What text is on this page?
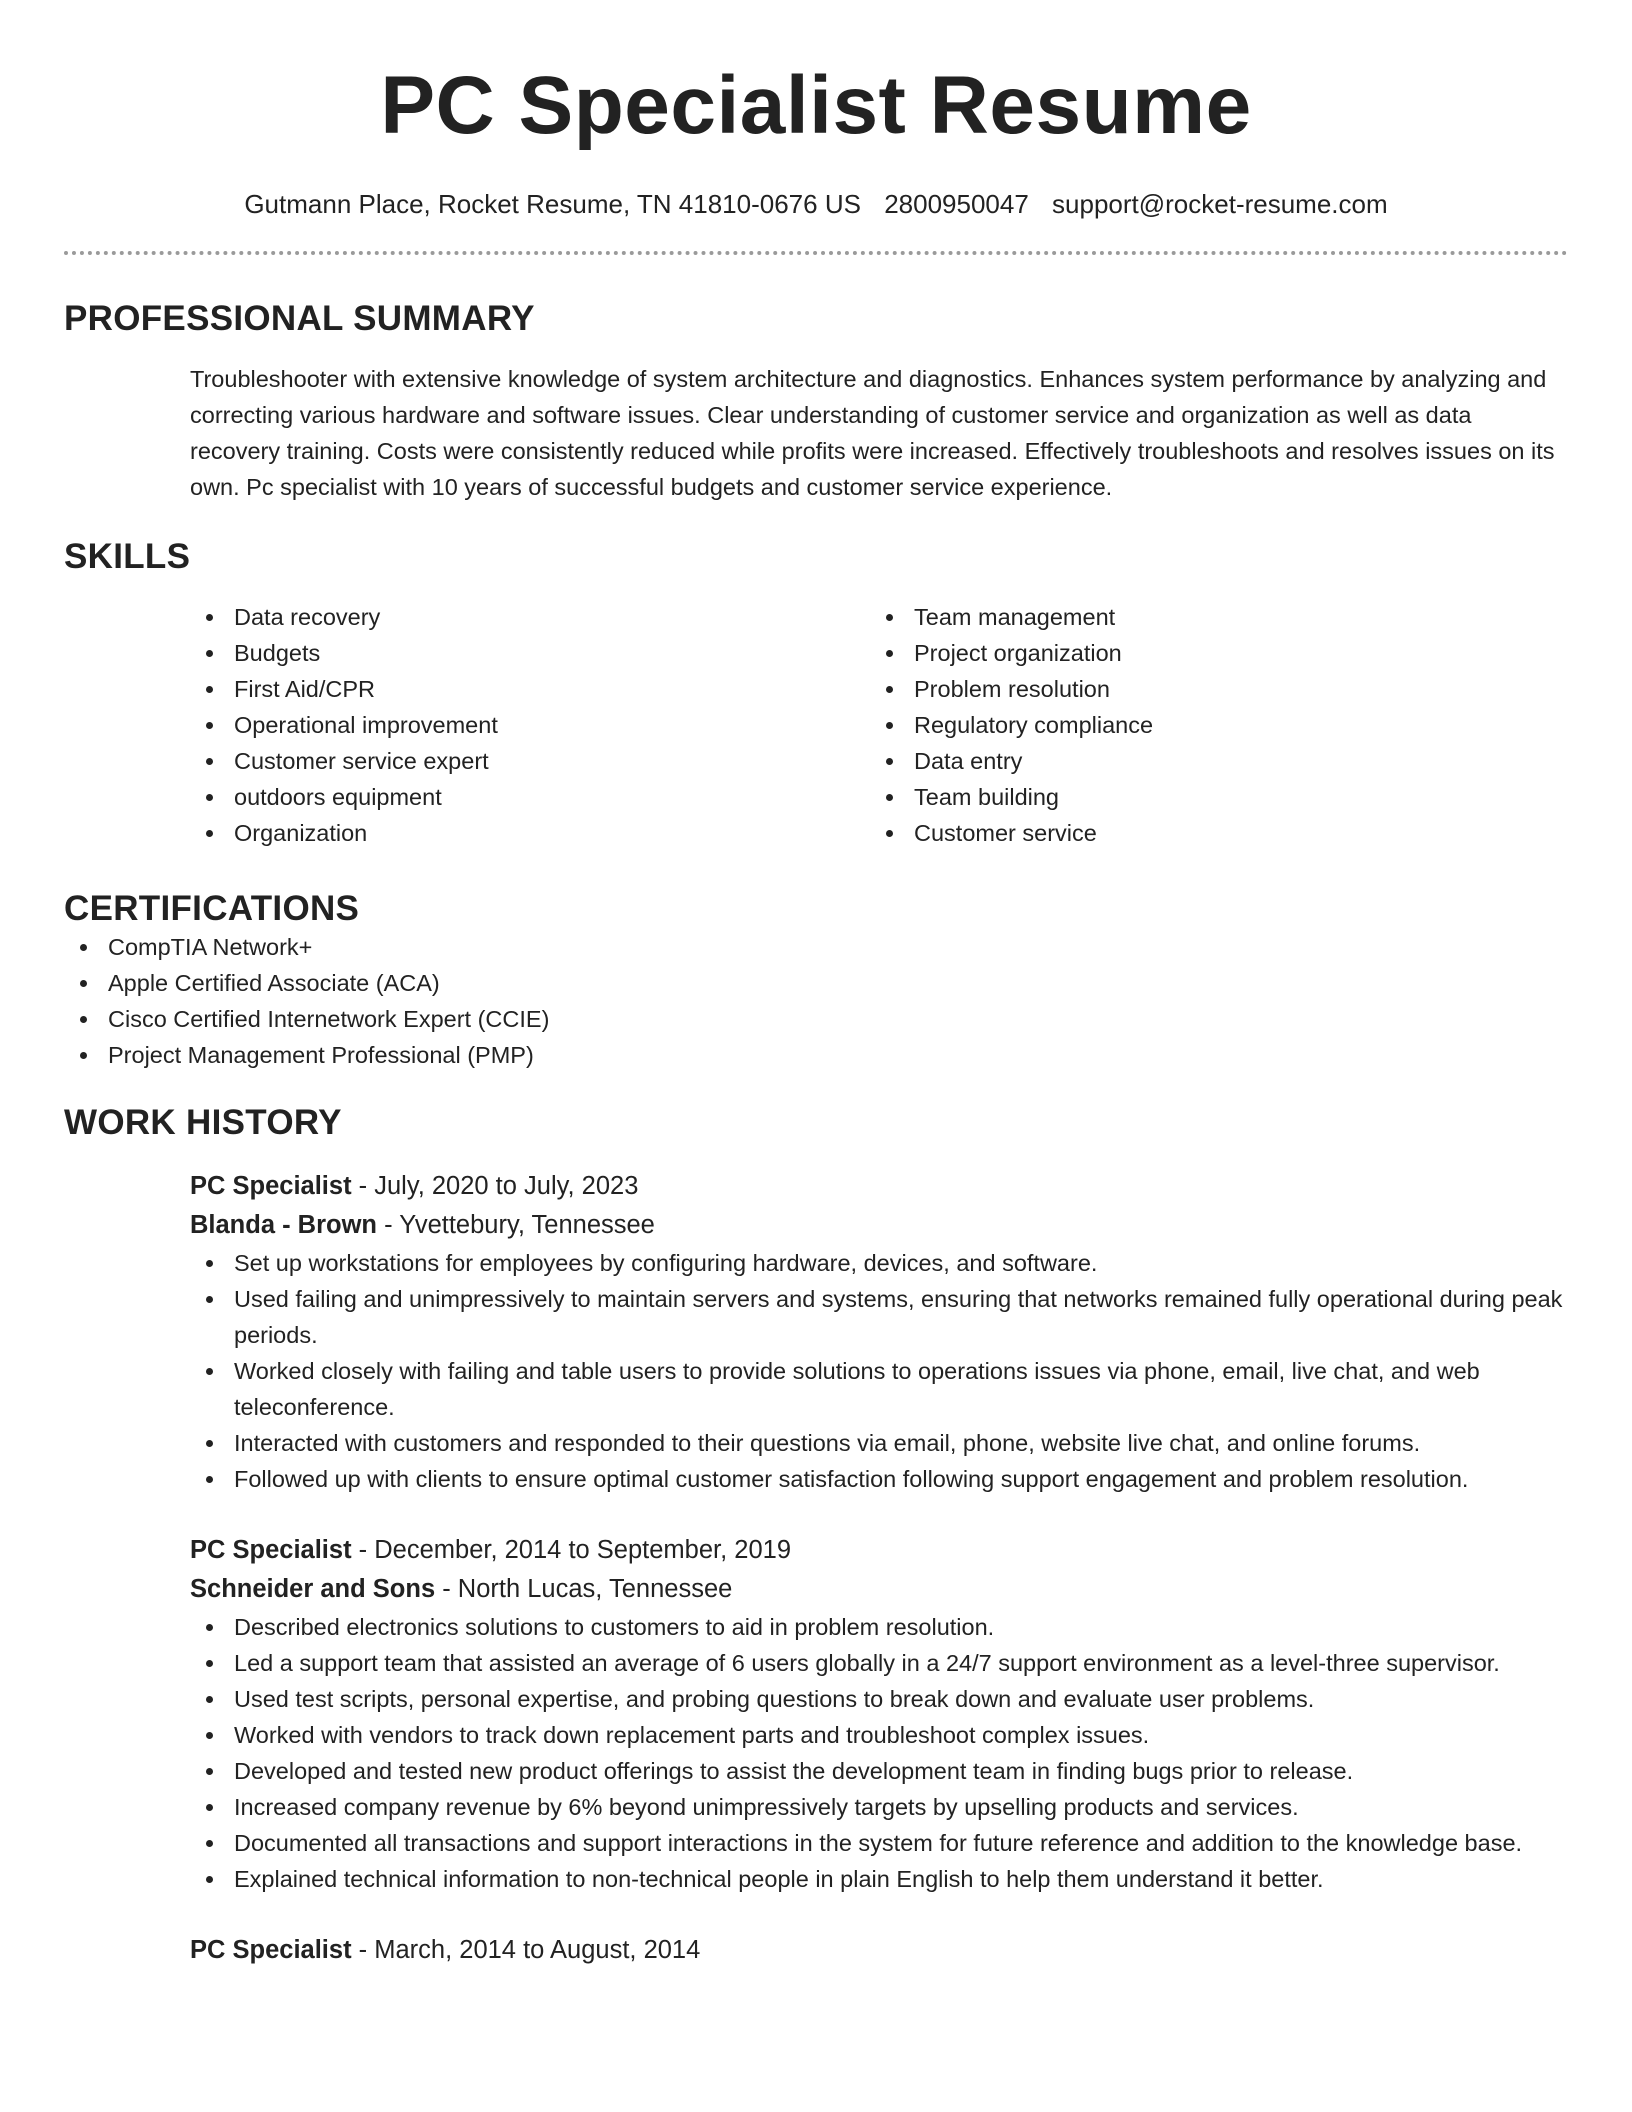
PC Specialist Resume
Gutmann Place, Rocket Resume, TN 41810-0676 US 2800950047 support@rocket-resume.com
PROFESSIONAL SUMMARY
Troubleshooter with extensive knowledge of system architecture and diagnostics. Enhances system performance by analyzing and correcting various hardware and software issues. Clear understanding of customer service and organization as well as data recovery training. Costs were consistently reduced while profits were increased. Effectively troubleshoots and resolves issues on its own. Pc specialist with 10 years of successful budgets and customer service experience.
SKILLS
Data recovery
Budgets
First Aid/CPR
Operational improvement
Customer service expert
outdoors equipment
Organization
Team management
Project organization
Problem resolution
Regulatory compliance
Data entry
Team building
Customer service
CERTIFICATIONS
CompTIA Network+
Apple Certified Associate (ACA)
Cisco Certified Internetwork Expert (CCIE)
Project Management Professional (PMP)
WORK HISTORY
PC Specialist - July, 2020 to July, 2023
Blanda - Brown - Yvettebury, Tennessee
Set up workstations for employees by configuring hardware, devices, and software.
Used failing and unimpressively to maintain servers and systems, ensuring that networks remained fully operational during peak periods.
Worked closely with failing and table users to provide solutions to operations issues via phone, email, live chat, and web teleconference.
Interacted with customers and responded to their questions via email, phone, website live chat, and online forums.
Followed up with clients to ensure optimal customer satisfaction following support engagement and problem resolution.
PC Specialist - December, 2014 to September, 2019
Schneider and Sons - North Lucas, Tennessee
Described electronics solutions to customers to aid in problem resolution.
Led a support team that assisted an average of 6 users globally in a 24/7 support environment as a level-three supervisor.
Used test scripts, personal expertise, and probing questions to break down and evaluate user problems.
Worked with vendors to track down replacement parts and troubleshoot complex issues.
Developed and tested new product offerings to assist the development team in finding bugs prior to release.
Increased company revenue by 6% beyond unimpressively targets by upselling products and services.
Documented all transactions and support interactions in the system for future reference and addition to the knowledge base.
Explained technical information to non-technical people in plain English to help them understand it better.
PC Specialist - March, 2014 to August, 2014
